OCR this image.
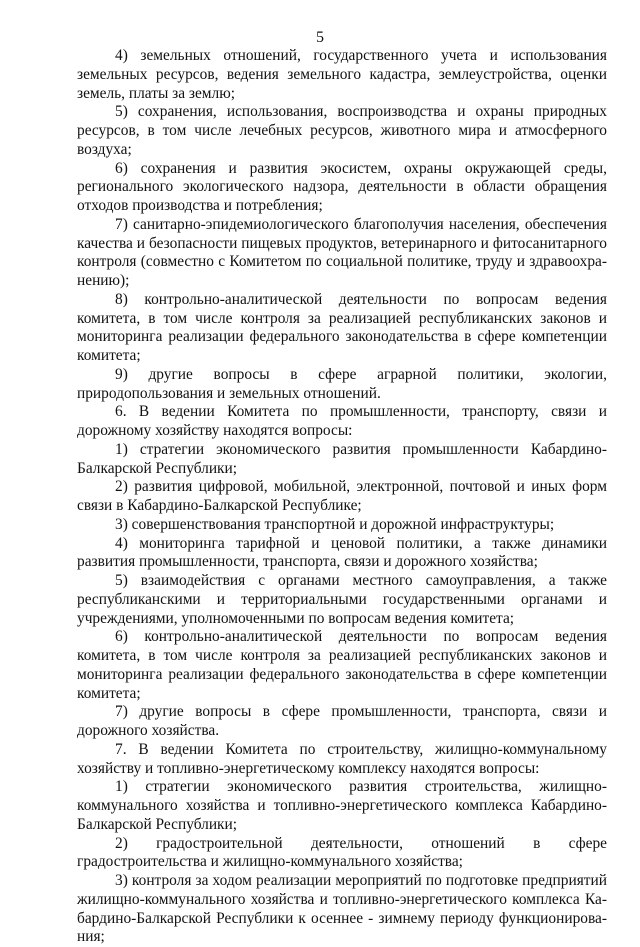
5

4) земельных отношений, государственного учета и использования земельных ресурсов, ведения земельного кадастра, землеустройства, оценки земель, платы за землю;

5) сохранения, использования, воспроизводства и охраны природных ресурсов, в том числе лечебных ресурсов, животного мира и атмосферного воздуха;

6) сохранения и развития экосистем, охраны окружающей среды, регионального экологического надзора, деятельности в области обращения отходов производства и потребления;

7) санитарно-эпидемиологического благополучия населения, обеспечения качества и безопасности пищевых продуктов, ветеринарного и фитосанитарного контроля (совместно с Комитетом по социальной политике, труду и здравоохранению);

8) контрольно-аналитической деятельности по вопросам ведения комитета, в том числе контроля за реализацией республиканских законов и мониторинга реализации федерального законодательства в сфере компетенции комитета;

9) другие вопросы в сфере аграрной политики, экологии, природопользования и земельных отношений.

6. В ведении Комитета по промышленности, транспорту, связи и дорожному хозяйству находятся вопросы:

1) стратегии экономического развития промышленности Кабардино-Балкарской Республики;

2) развития цифровой, мобильной, электронной, почтовой и иных форм связи в Кабардино-Балкарской Республике;

3) совершенствования транспортной и дорожной инфраструктуры;

4) мониторинга тарифной и ценовой политики, а также динамики развития промышленности, транспорта, связи и дорожного хозяйства;

5) взаимодействия с органами местного самоуправления, а также республиканскими и территориальными государственными органами и учреждениями, уполномоченными по вопросам ведения комитета;

6) контрольно-аналитической деятельности по вопросам ведения комитета, в том числе контроля за реализацией республиканских законов и мониторинга реализации федерального законодательства в сфере компетенции комитета;

7) другие вопросы в сфере промышленности, транспорта, связи и дорожного хозяйства.

7. В ведении Комитета по строительству, жилищно-коммунальному хозяйству и топливно-энергетическому комплексу находятся вопросы:

1) стратегии экономического развития строительства, жилищно-коммунального хозяйства и топливно-энергетического комплекса Кабардино-Балкарской Республики;

2) градостроительной деятельности, отношений в сфере градостроительства и жилищно-коммунального хозяйства;

3) контроля за ходом реализации мероприятий по подготовке предприятий жилищно-коммунального хозяйства и топливно-энергетического комплекса Кабардино-Балкарской Республики к осеннее - зимнему периоду функционирования;
